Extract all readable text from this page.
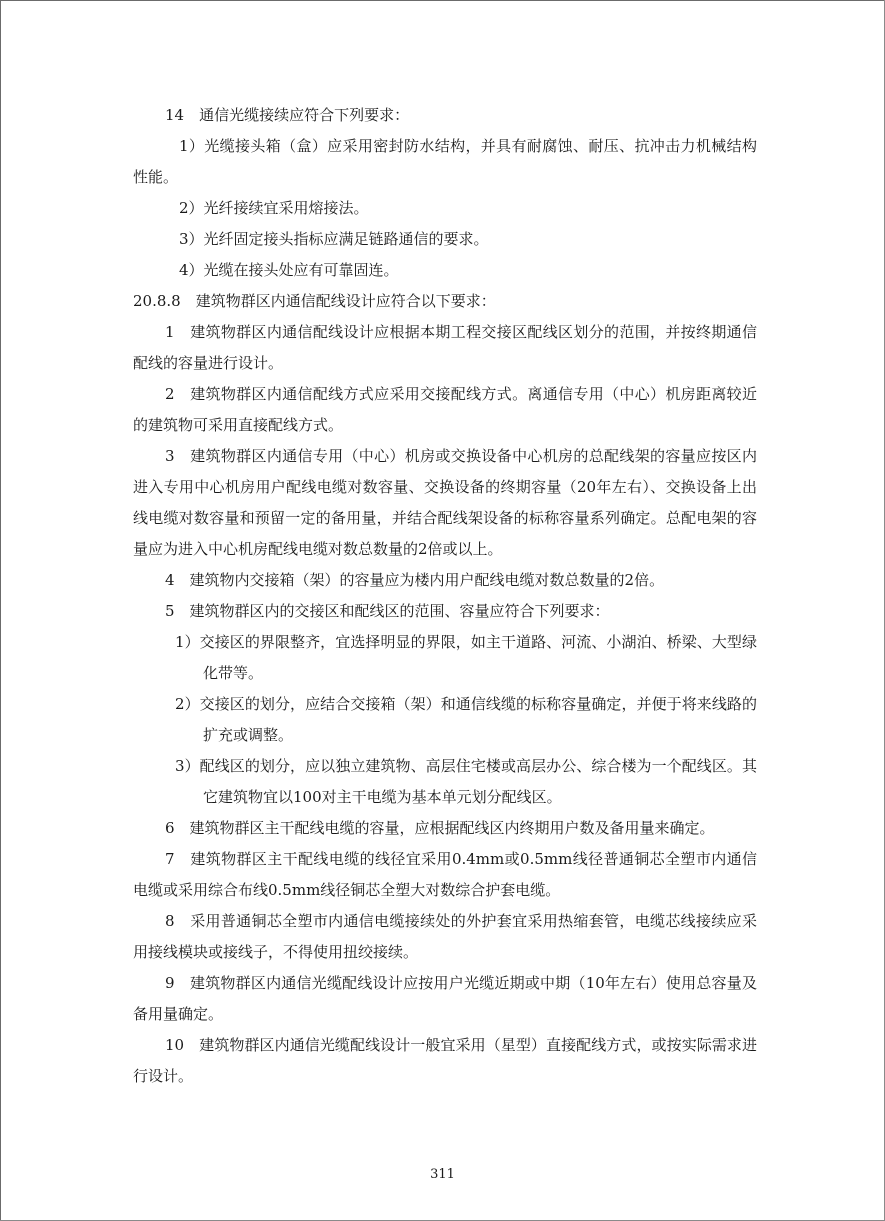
14　通信光缆接续应符合下列要求：

1）光缆接头箱（盒）应采用密封防水结构，并具有耐腐蚀、耐压、抗冲击力机械结构性能。

2）光纤接续宜采用熔接法。

3）光纤固定接头指标应满足链路通信的要求。

4）光缆在接头处应有可靠固连。

20.8.8　建筑物群区内通信配线设计应符合以下要求：

1　建筑物群区内通信配线设计应根据本期工程交接区配线区划分的范围，并按终期通信配线的容量进行设计。

2　建筑物群区内通信配线方式应采用交接配线方式。离通信专用（中心）机房距离较近的建筑物可采用直接配线方式。

3　建筑物群区内通信专用（中心）机房或交换设备中心机房的总配线架的容量应按区内进入专用中心机房用户配线电缆对数容量、交换设备的终期容量（20年左右）、交换设备上出线电缆对数容量和预留一定的备用量，并结合配线架设备的标称容量系列确定。总配电架的容量应为进入中心机房配线电缆对数总数量的2倍或以上。

4　建筑物内交接箱（架）的容量应为楼内用户配线电缆对数总数量的2倍。

5　建筑物群区内的交接区和配线区的范围、容量应符合下列要求：

1）交接区的界限整齐，宜选择明显的界限，如主干道路、河流、小湖泊、桥梁、大型绿化带等。

2）交接区的划分，应结合交接箱（架）和通信线缆的标称容量确定，并便于将来线路的扩充或调整。

3）配线区的划分，应以独立建筑物、高层住宅楼或高层办公、综合楼为一个配线区。其它建筑物宜以100对主干电缆为基本单元划分配线区。

6　建筑物群区主干配线电缆的容量，应根据配线区内终期用户数及备用量来确定。

7　建筑物群区主干配线电缆的线径宜采用0.4mm或0.5mm线径普通铜芯全塑市内通信电缆或采用综合布线0.5mm线径铜芯全塑大对数综合护套电缆。

8　采用普通铜芯全塑市内通信电缆接续处的外护套宜采用热缩套管，电缆芯线接续应采用接线模块或接线子，不得使用扭绞接续。

9　建筑物群区内通信光缆配线设计应按用户光缆近期或中期（10年左右）使用总容量及备用量确定。

10　建筑物群区内通信光缆配线设计一般宜采用（星型）直接配线方式，或按实际需求进行设计。

311
